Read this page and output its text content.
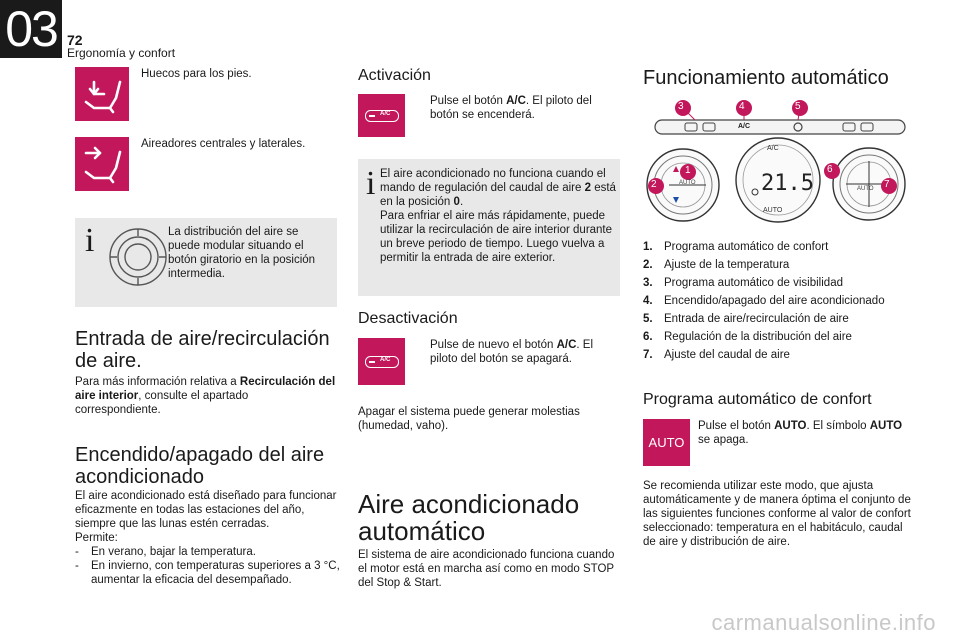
03 72
Ergonomía y confort
Huecos para los pies.
Aireadores centrales y laterales.
i	La distribución del aire se puede modular situando el botón giratorio en la posición intermedia.
Entrada de aire/recirculación de aire.
Para más información relativa a Recirculación del aire interior, consulte el apartado correspondiente.
Encendido/apagado del aire acondicionado
El aire acondicionado está diseñado para funcionar eficazmente en todas las estaciones del año, siempre que las lunas estén cerradas.
Permite:
-	En verano, bajar la temperatura.
-	En invierno, con temperaturas superiores a 3 °C, aumentar la eficacia del desempañado.
Activación
A/C
Pulse el botón A/C. El piloto del botón se encenderá.
i El aire acondicionado no funciona cuando el mando de regulación del caudal de aire 2 está en la posición 0.
Para enfriar el aire más rápidamente, puede utilizar la recirculación de aire interior durante un breve periodo de tiempo. Luego vuelva a permitir la entrada de aire exterior.
Desactivación
A/C
Pulse de nuevo el botón A/C. El piloto del botón se apagará.
Apagar el sistema puede generar molestias (humedad, vaho).
Aire acondicionado automático
El sistema de aire acondicionado funciona cuando el motor está en marcha así como en modo STOP del Stop & Start.
Funcionamiento automático
21.5
A/C
AUTO
A/C
AUTO
AUTO
3	4	5
1
2
6
7
1. Programa automático de confort
2. Ajuste de la temperatura
3. Programa automático de visibilidad
4. Encendido/apagado del aire acondicionado
5. Entrada de aire/recirculación de aire
6. Regulación de la distribución del aire
7. Ajuste del caudal de aire
Programa automático de confort
AUTO
Pulse el botón AUTO. El símbolo AUTO se apaga.
Se recomienda utilizar este modo, que ajusta automáticamente y de manera óptima el conjunto de las siguientes funciones conforme al valor de confort seleccionado: temperatura en el habitáculo, caudal de aire y distribución de aire.
carmanualsonline.info
